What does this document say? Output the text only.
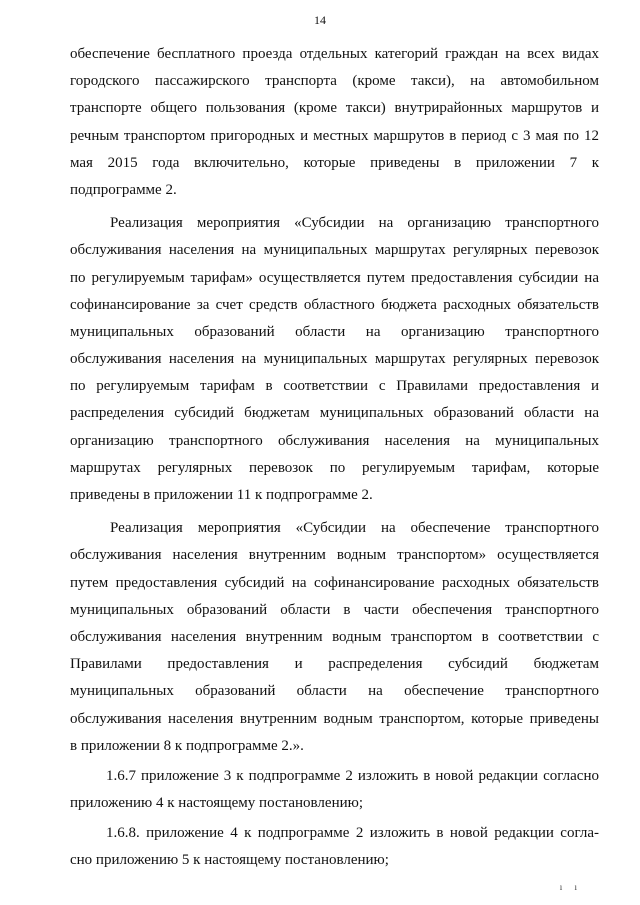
14
обеспечение бесплатного проезда отдельных категорий граждан на всех видах
городского пассажирского транспорта (кроме такси), на автомобильном
транспорте общего пользования (кроме такси) внутрирайонных маршрутов и
речным транспортом пригородных и местных маршрутов в период с 3 мая по 12
мая 2015 года включительно, которые приведены в приложении 7 к
подпрограмме 2.
Реализация мероприятия «Субсидии на организацию транспортного
обслуживания населения на муниципальных маршрутах регулярных перевозок
по регулируемым тарифам» осуществляется путем предоставления субсидии на
софинансирование за счет средств областного бюджета расходных обязательств
муниципальных образований области на организацию транспортного
обслуживания населения на муниципальных маршрутах регулярных перевозок
по регулируемым тарифам в соответствии с Правилами предоставления и
распределения субсидий бюджетам муниципальных образований области на
организацию транспортного обслуживания населения на муниципальных
маршрутах регулярных перевозок по регулируемым тарифам, которые
приведены в приложении 11 к подпрограмме 2.
Реализация мероприятия «Субсидии на обеспечение транспортного
обслуживания населения внутренним водным транспортом» осуществляется
путем предоставления субсидий на софинансирование расходных обязательств
муниципальных образований области в части обеспечения транспортного
обслуживания населения внутренним водным транспортом в соответствии с
Правилами предоставления и распределения субсидий бюджетам
муниципальных образований области на обеспечение транспортного
обслуживания населения внутренним водным транспортом, которые приведены
в приложении 8 к подпрограмме 2.».
1.6.7 приложение 3 к подпрограмме 2 изложить в новой редакции согласно
приложению 4 к настоящему постановлению;
1.6.8. приложение 4 к подпрограмме 2 изложить в новой редакции согла-
сно приложению 5 к настоящему постановлению;
ı ı
